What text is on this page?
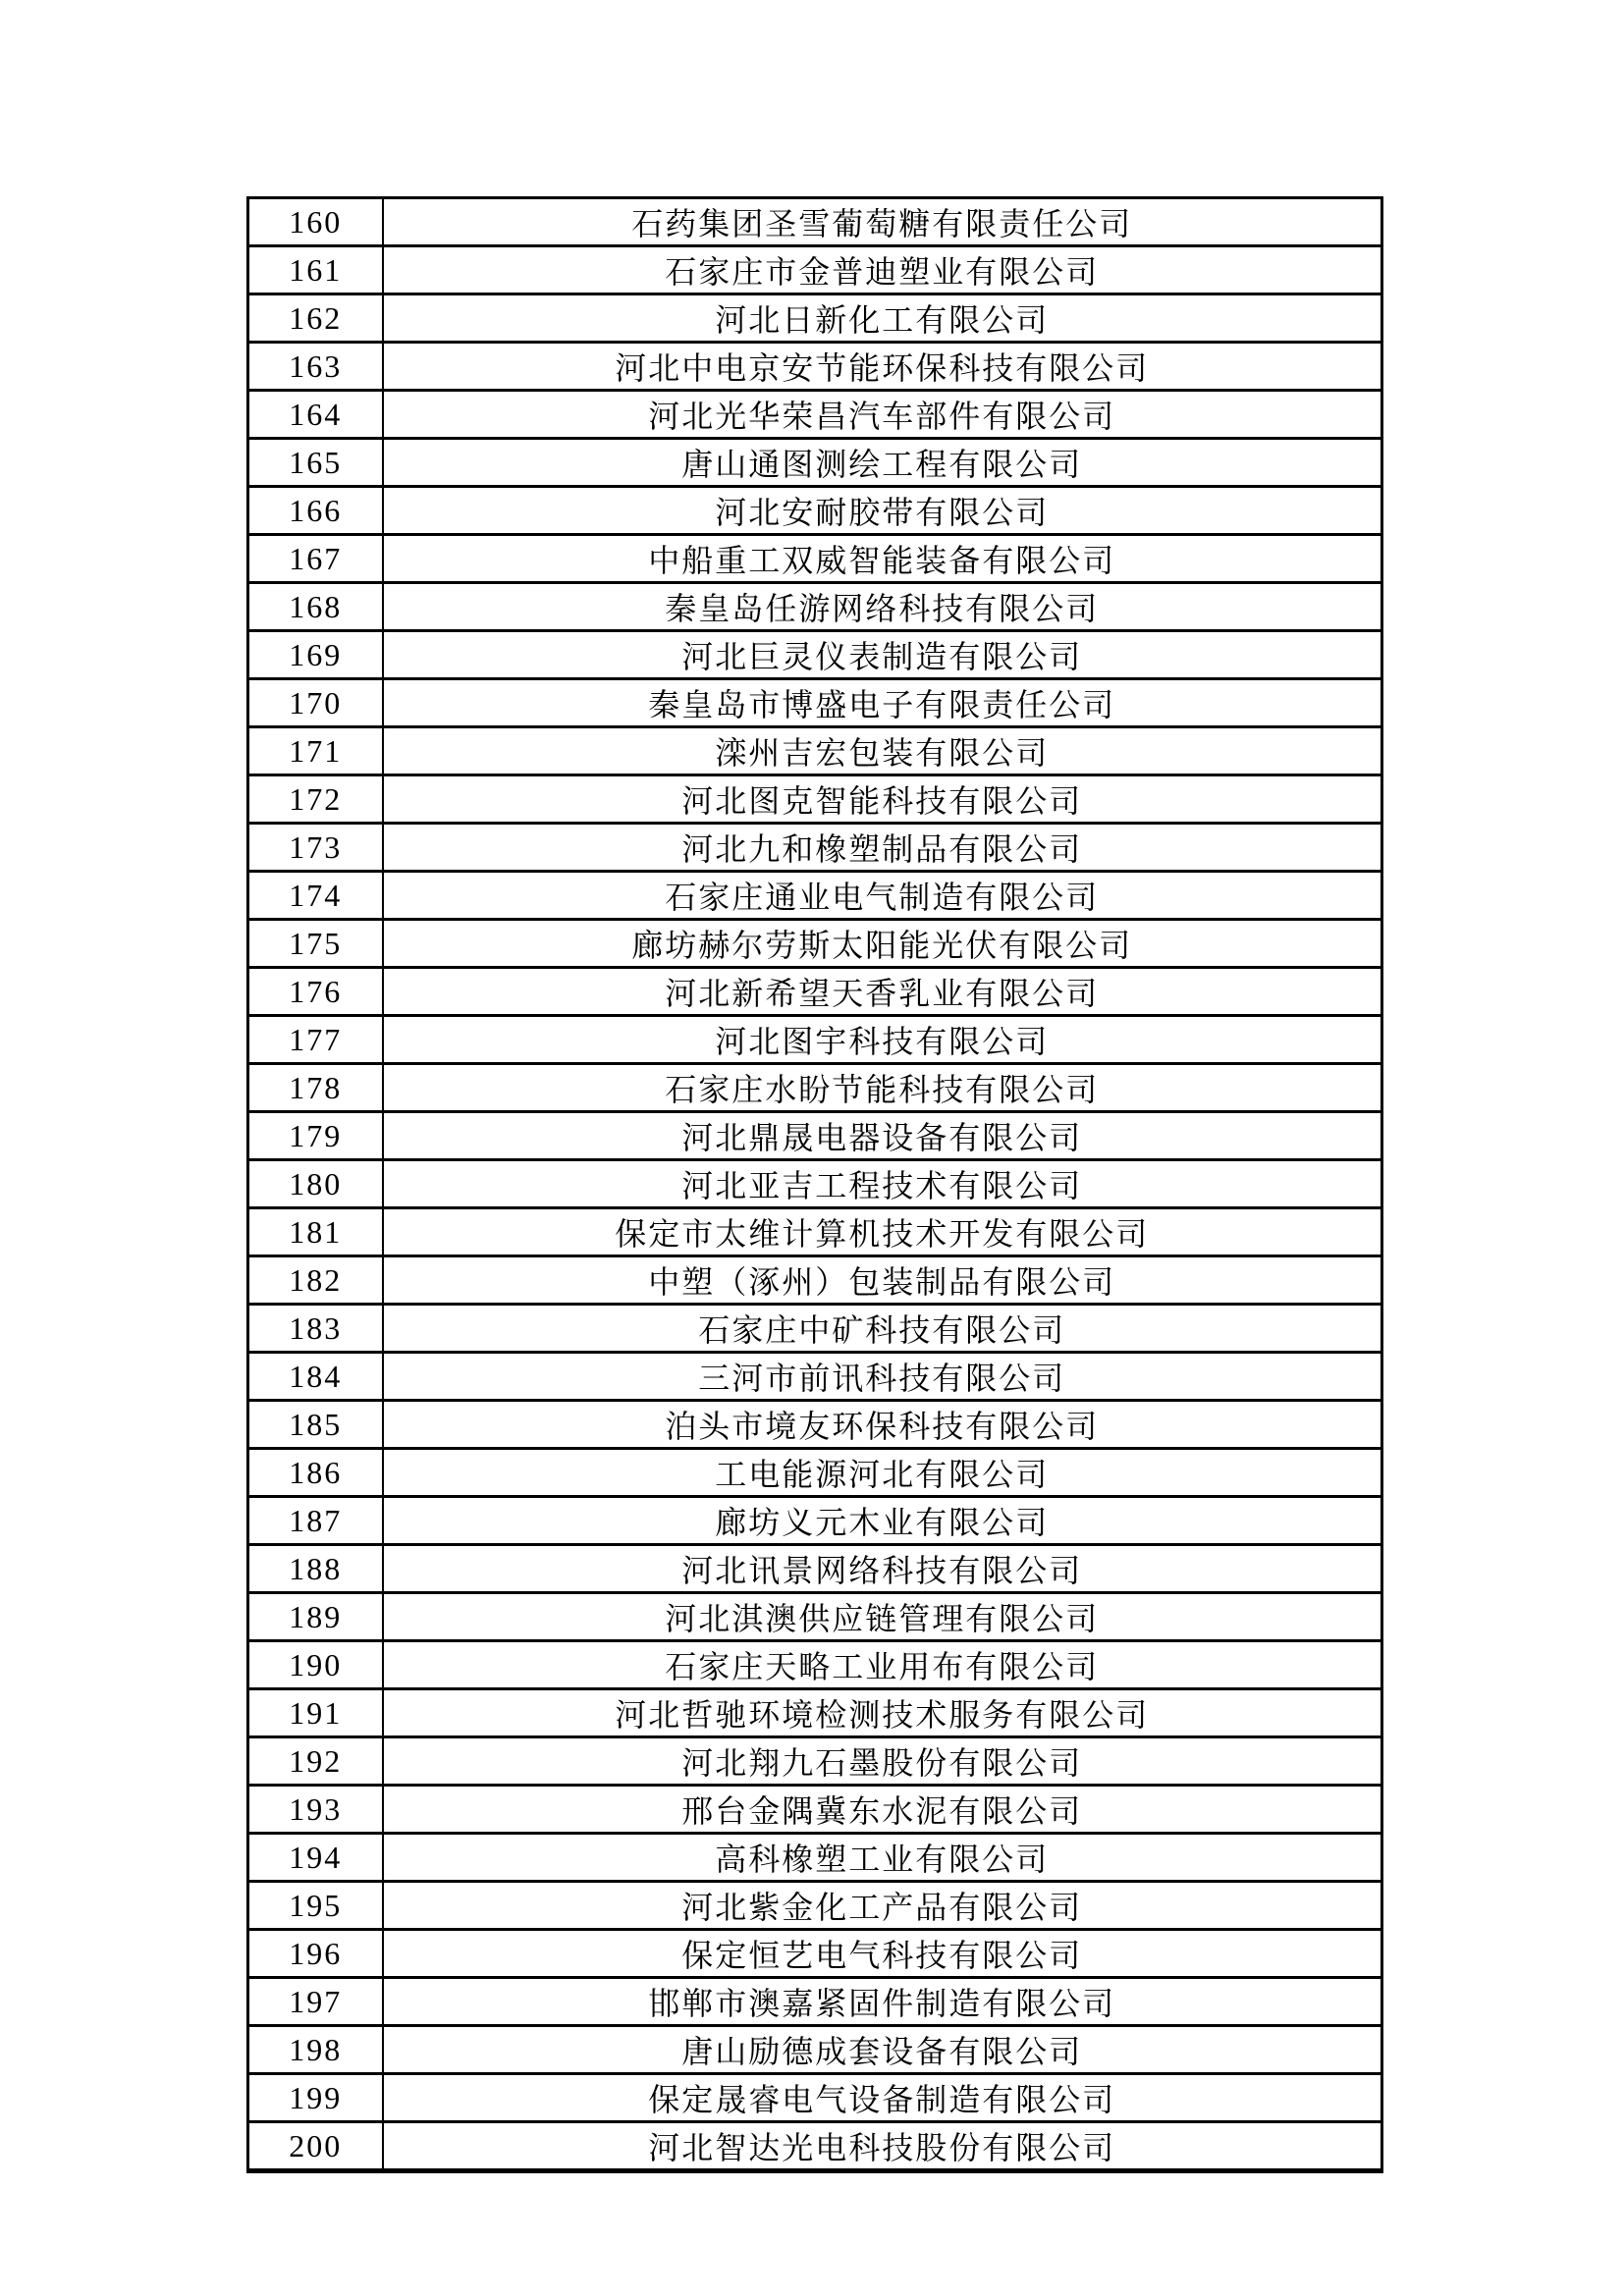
160	石药集团圣雪葡萄糖有限责任公司
161	石家庄市金普迪塑业有限公司
162	河北日新化工有限公司
163	河北中电京安节能环保科技有限公司
164	河北光华荣昌汽车部件有限公司
165	唐山通图测绘工程有限公司
166	河北安耐胶带有限公司
167	中船重工双威智能装备有限公司
168	秦皇岛任游网络科技有限公司
169	河北巨灵仪表制造有限公司
170	秦皇岛市博盛电子有限责任公司
171	滦州吉宏包装有限公司
172	河北图克智能科技有限公司
173	河北九和橡塑制品有限公司
174	石家庄通业电气制造有限公司
175	廊坊赫尔劳斯太阳能光伏有限公司
176	河北新希望天香乳业有限公司
177	河北图宇科技有限公司
178	石家庄水盼节能科技有限公司
179	河北鼎晟电器设备有限公司
180	河北亚吉工程技术有限公司
181	保定市太维计算机技术开发有限公司
182	中塑（涿州）包装制品有限公司
183	石家庄中矿科技有限公司
184	三河市前讯科技有限公司
185	泊头市境友环保科技有限公司
186	工电能源河北有限公司
187	廊坊义元木业有限公司
188	河北讯景网络科技有限公司
189	河北淇澳供应链管理有限公司
190	石家庄天略工业用布有限公司
191	河北哲驰环境检测技术服务有限公司
192	河北翔九石墨股份有限公司
193	邢台金隅冀东水泥有限公司
194	高科橡塑工业有限公司
195	河北紫金化工产品有限公司
196	保定恒艺电气科技有限公司
197	邯郸市澳嘉紧固件制造有限公司
198	唐山励德成套设备有限公司
199	保定晟睿电气设备制造有限公司
200	河北智达光电科技股份有限公司
